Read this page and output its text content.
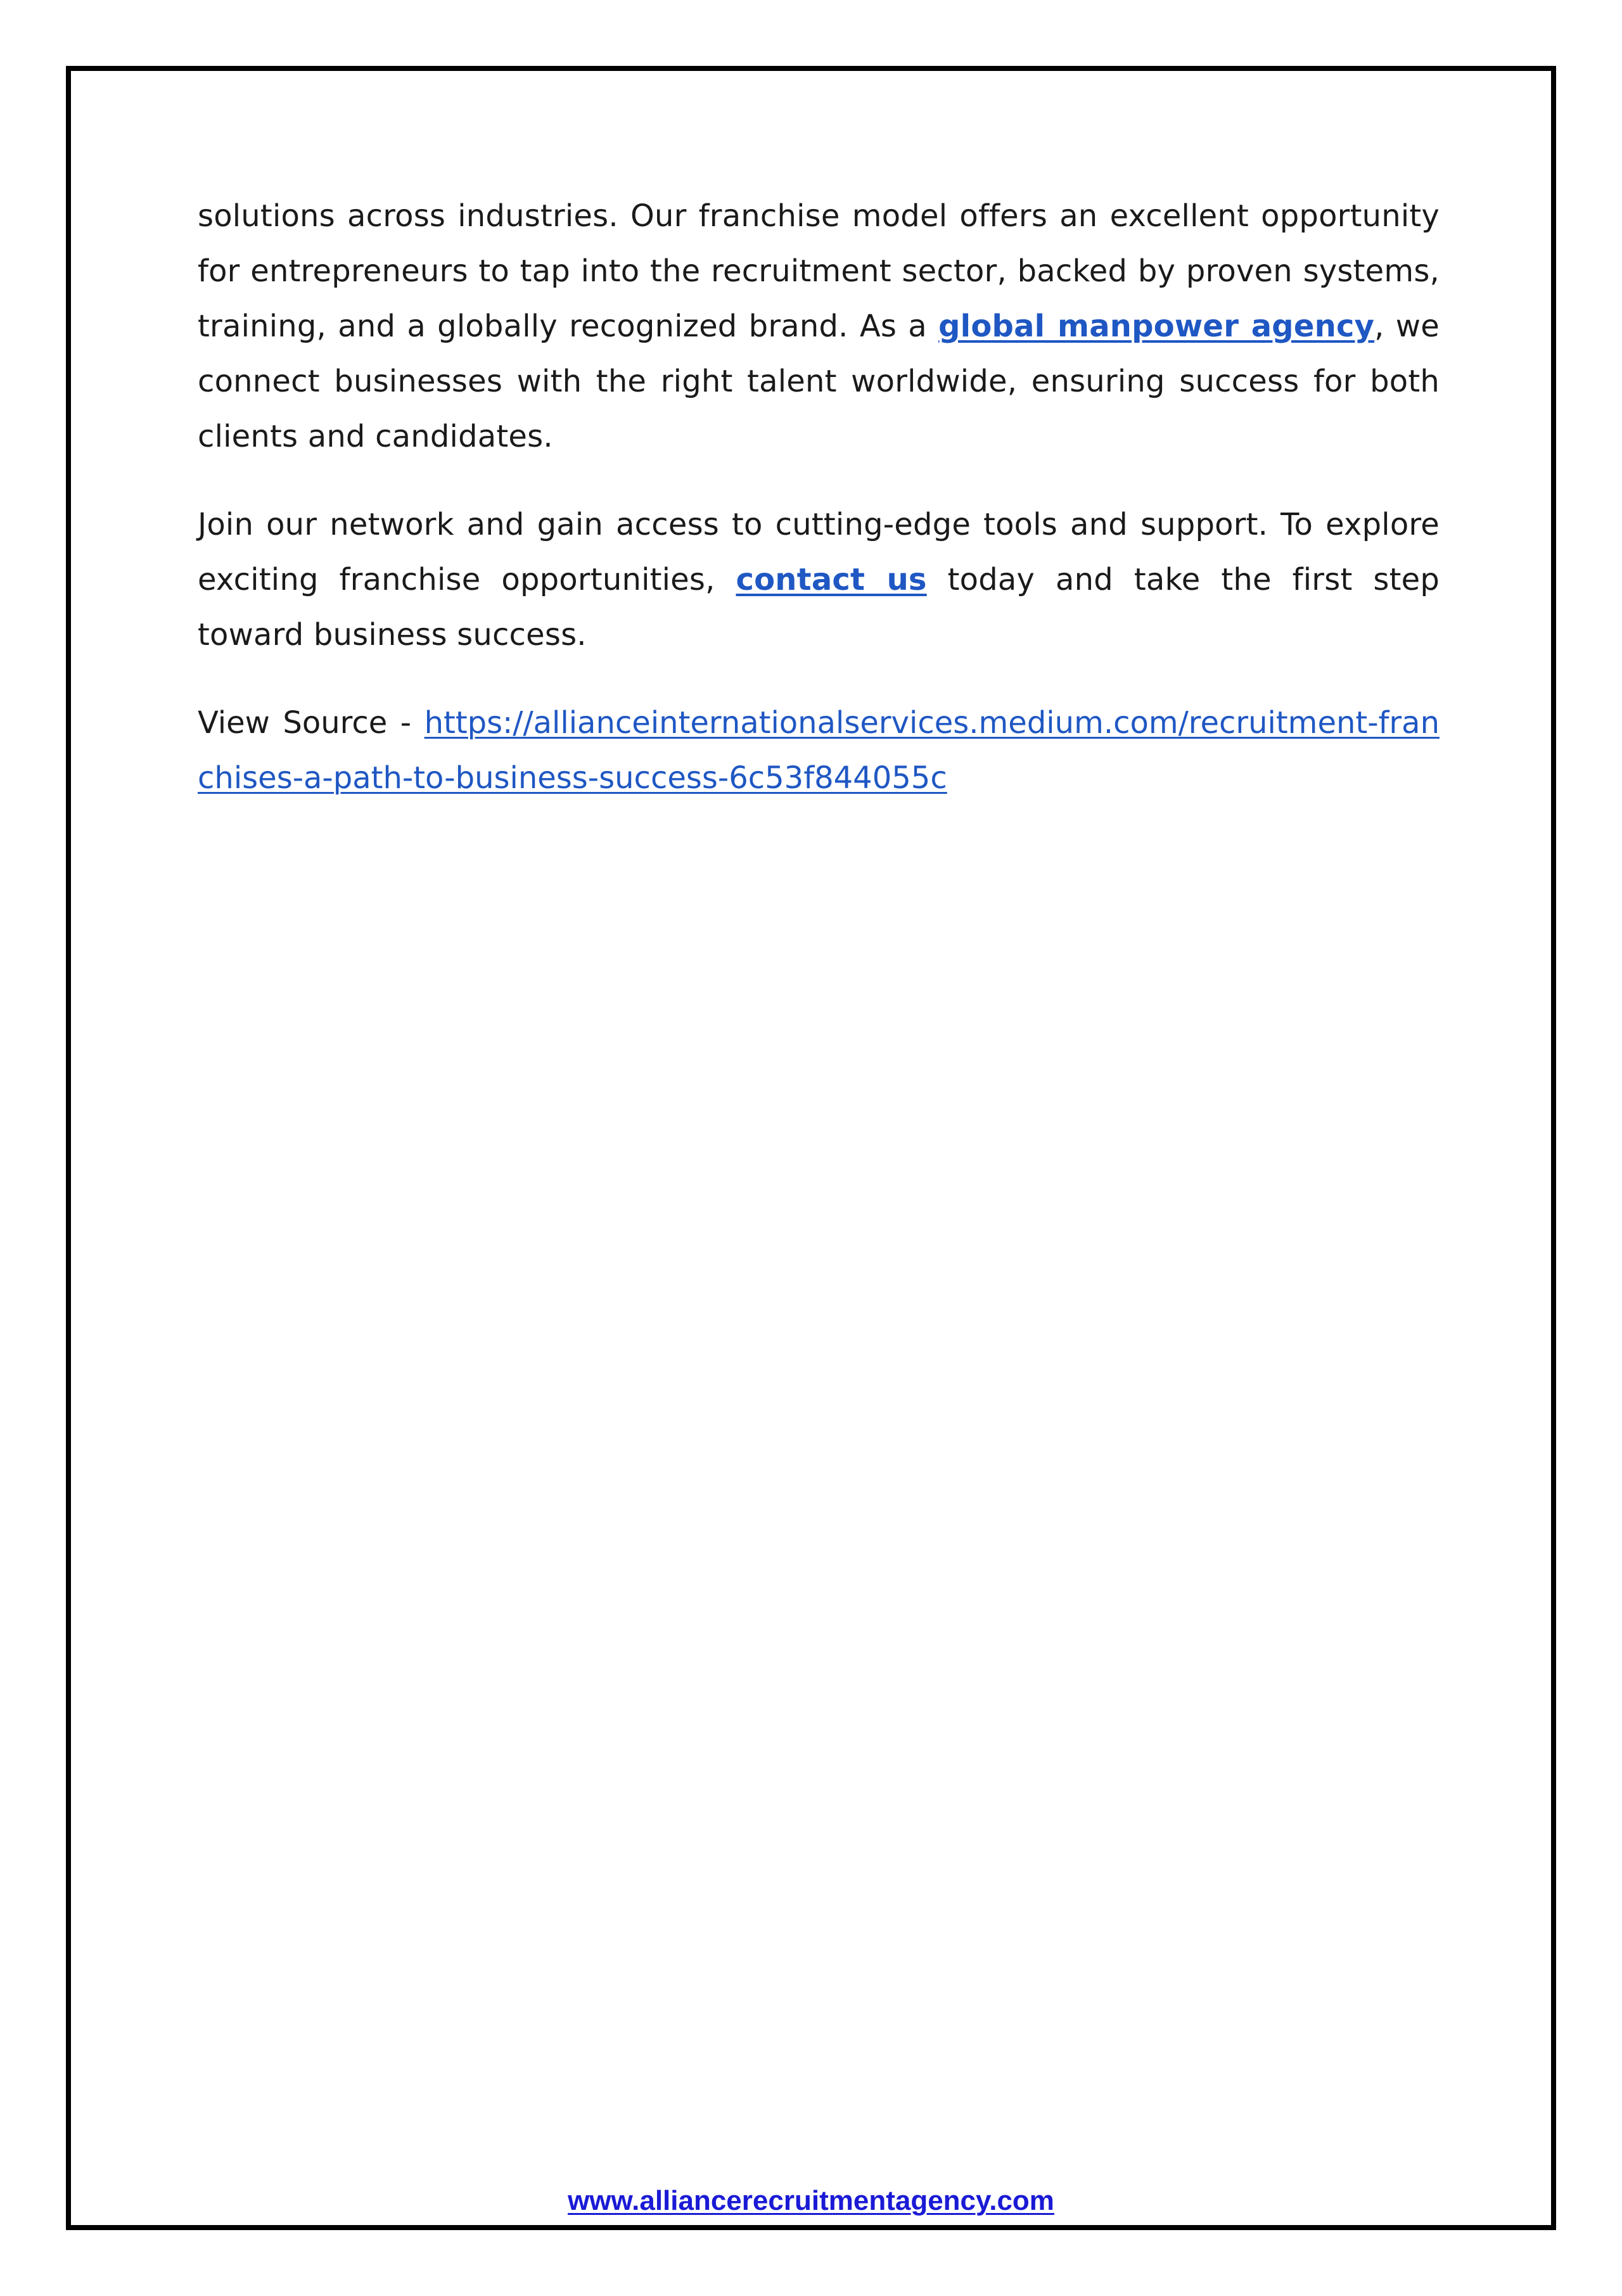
solutions across industries. Our franchise model offers an excellent opportunity for entrepreneurs to tap into the recruitment sector, backed by proven systems, training, and a globally recognized brand. As a global manpower agency, we connect businesses with the right talent worldwide, ensuring success for both clients and candidates.

Join our network and gain access to cutting-edge tools and support. To explore exciting franchise opportunities, contact us today and take the first step toward business success.

View Source - https://allianceinternationalservices.medium.com/recruitment-franchises-a-path-to-business-success-6c53f844055c

www.alliancerecruitmentagency.com
